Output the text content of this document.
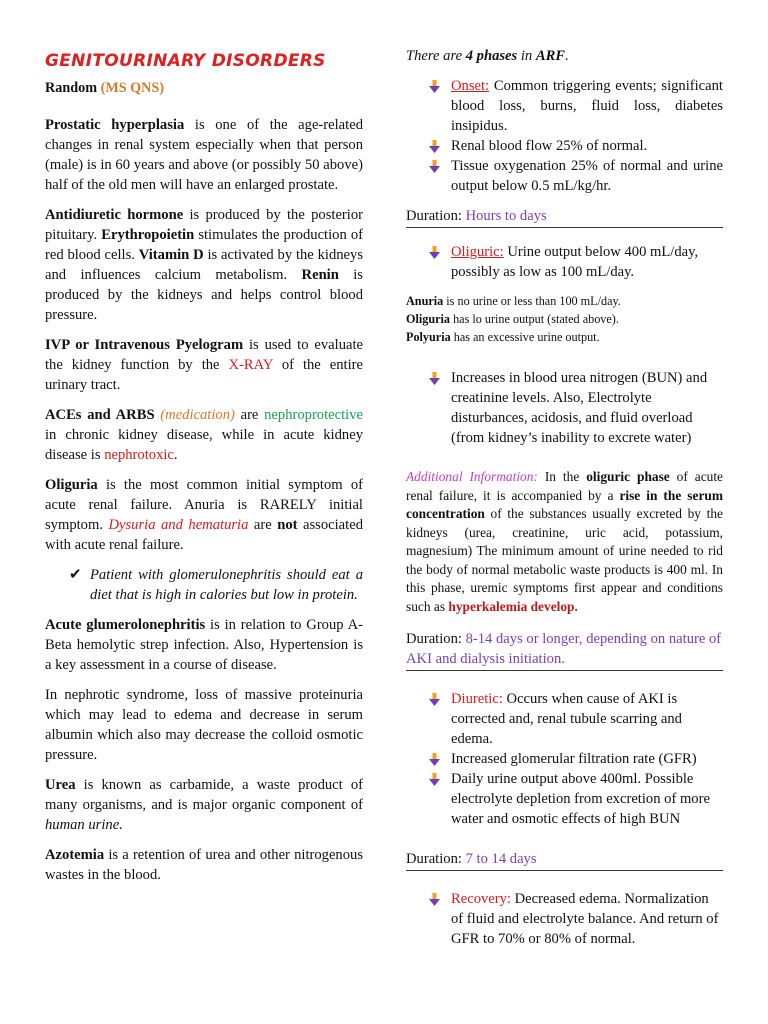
GENITOURINARY DISORDERS
Random (MS QNS)

Prostatic hyperplasia is one of the age-related changes in renal system especially when that person (male) is in 60 years and above (or possibly 50 above) half of the old men will have an enlarged prostate.

Antidiuretic hormone is produced by the posterior pituitary. Erythropoietin stimulates the production of red blood cells. Vitamin D is activated by the kidneys and influences calcium metabolism. Renin is produced by the kidneys and helps control blood pressure.

IVP or Intravenous Pyelogram is used to evaluate the kidney function by the X-RAY of the entire urinary tract.

ACEs and ARBS (medication) are nephroprotective in chronic kidney disease, while in acute kidney disease is nephrotoxic.

Oliguria is the most common initial symptom of acute renal failure. Anuria is RARELY initial symptom. Dysuria and hematuria are not associated with acute renal failure.

✔ Patient with glomerulonephritis should eat a diet that is high in calories but low in protein.

Acute glumerolonephritis is in relation to Group A-Beta hemolytic strep infection. Also, Hypertension is a key assessment in a course of disease.

In nephrotic syndrome, loss of massive proteinuria which may lead to edema and decrease in serum albumin which also may decrease the colloid osmotic pressure.

Urea is known as carbamide, a waste product of many organisms, and is major organic component of human urine.

Azotemia is a retention of urea and other nitrogenous wastes in the blood.

There are 4 phases in ARF.

Onset: Common triggering events; significant blood loss, burns, fluid loss, diabetes insipidus.
Renal blood flow 25% of normal.
Tissue oxygenation 25% of normal and urine output below 0.5 mL/kg/hr.
Duration: Hours to days
Oliguric: Urine output below 400 mL/day, possibly as low as 100 mL/day.
Anuria is no urine or less than 100 mL/day.
Oliguria has lo urine output (stated above).
Polyuria has an excessive urine output.
Increases in blood urea nitrogen (BUN) and creatinine levels. Also, Electrolyte disturbances, acidosis, and fluid overload (from kidney’s inability to excrete water)

Additional Information: In the oliguric phase of acute renal failure, it is accompanied by a rise in the serum concentration of the substances usually excreted by the kidneys (urea, creatinine, uric acid, potassium, magnesium) The minimum amount of urine needed to rid the body of normal metabolic waste products is 400 ml. In this phase, uremic symptoms first appear and conditions such as hyperkalemia develop.

Duration: 8-14 days or longer, depending on nature of AKI and dialysis initiation.
Diuretic: Occurs when cause of AKI is corrected and, renal tubule scarring and edema.
Increased glomerular filtration rate (GFR)
Daily urine output above 400ml. Possible electrolyte depletion from excretion of more water and osmotic effects of high BUN
Duration: 7 to 14 days
Recovery: Decreased edema. Normalization of fluid and electrolyte balance. And return of GFR to 70% or 80% of normal.
